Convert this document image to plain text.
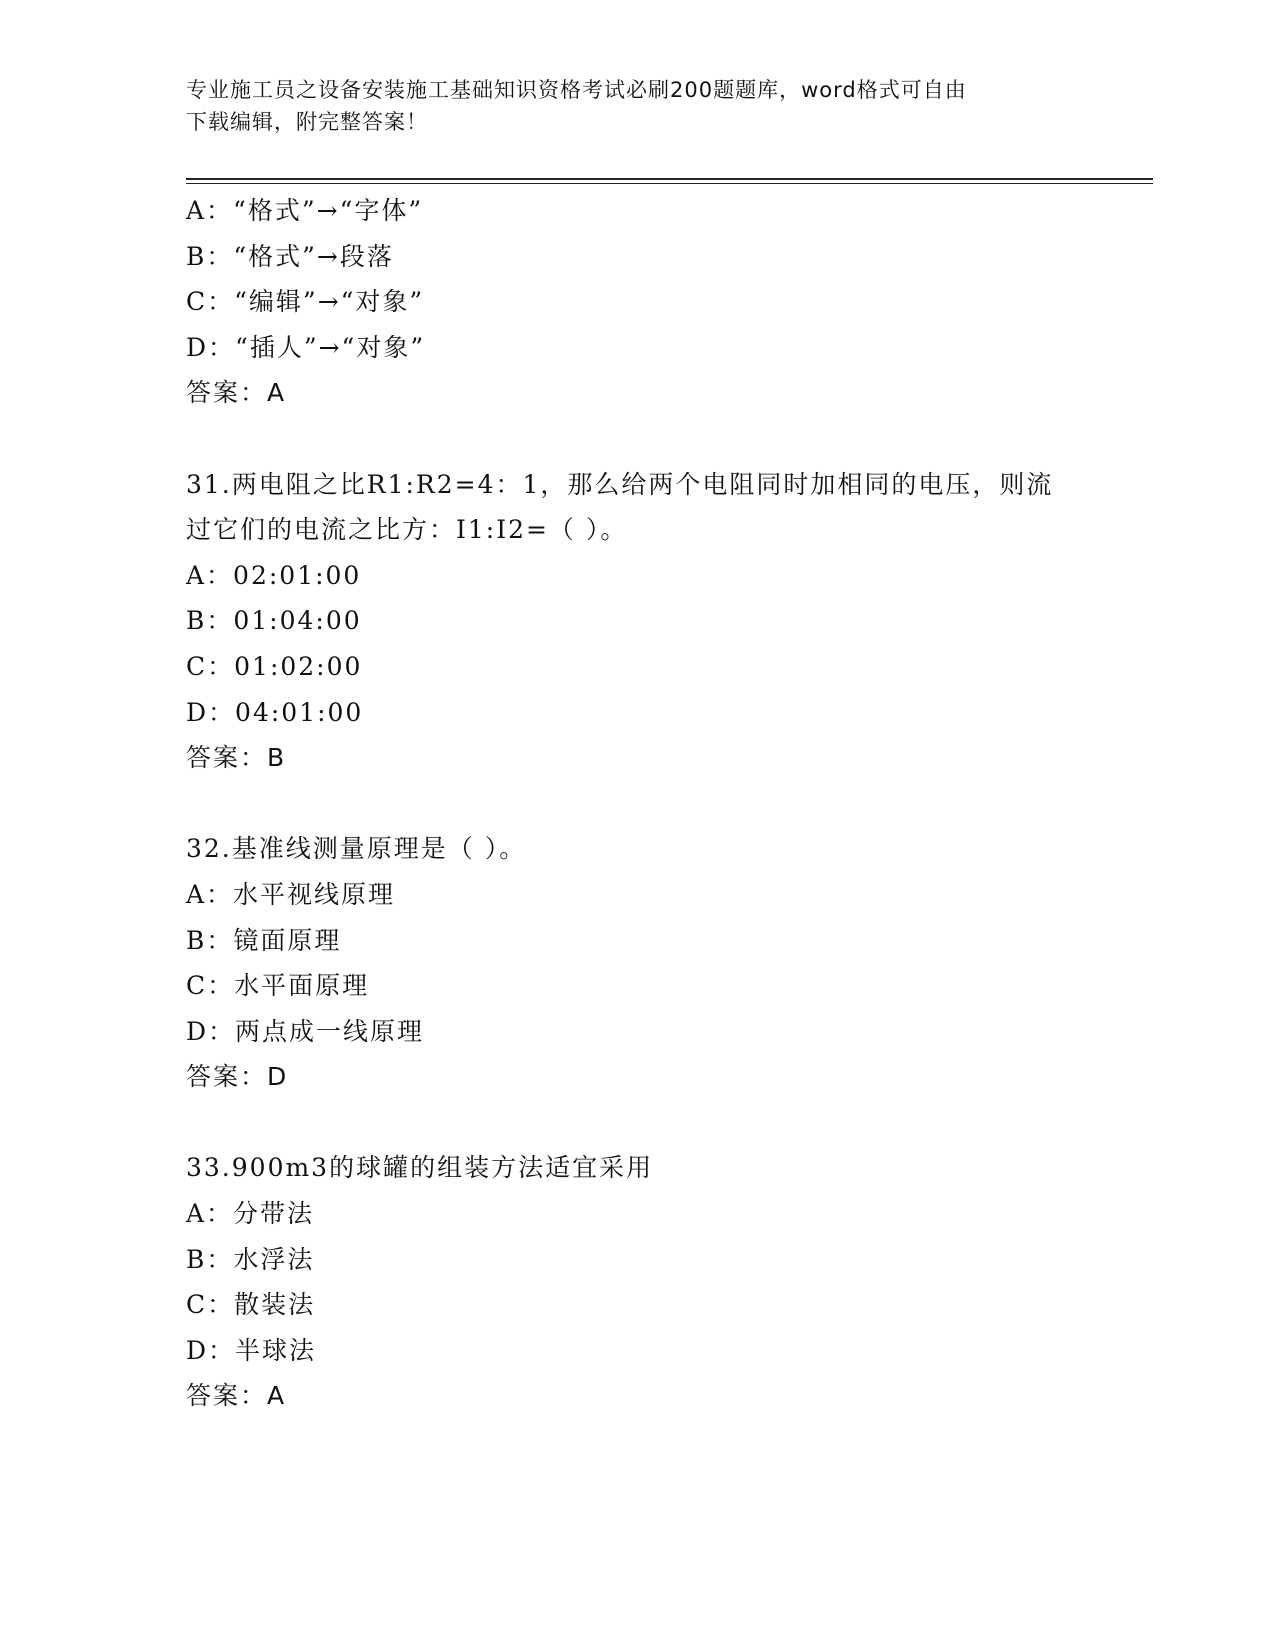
专业施工员之设备安装施工基础知识资格考试必刷200题题库，word格式可自由
下载编辑，附完整答案！
A：“格式”→“字体”
B：“格式”→段落
C：“编辑”→“对象”
D：“插人”→“对象”
答案：A
31.两电阻之比R1:R2=4：1，那么给两个电阻同时加相同的电压，则流
过它们的电流之比方：I1:I2=（ ）。
A：02:01:00
B：01:04:00
C：01:02:00
D：04:01:00
答案：B
32.基准线测量原理是（ ）。
A：水平视线原理
B：镜面原理
C：水平面原理
D：两点成一线原理
答案：D
33.900m3的球罐的组装方法适宜采用
A：分带法
B：水浮法
C：散装法
D：半球法
答案：A
